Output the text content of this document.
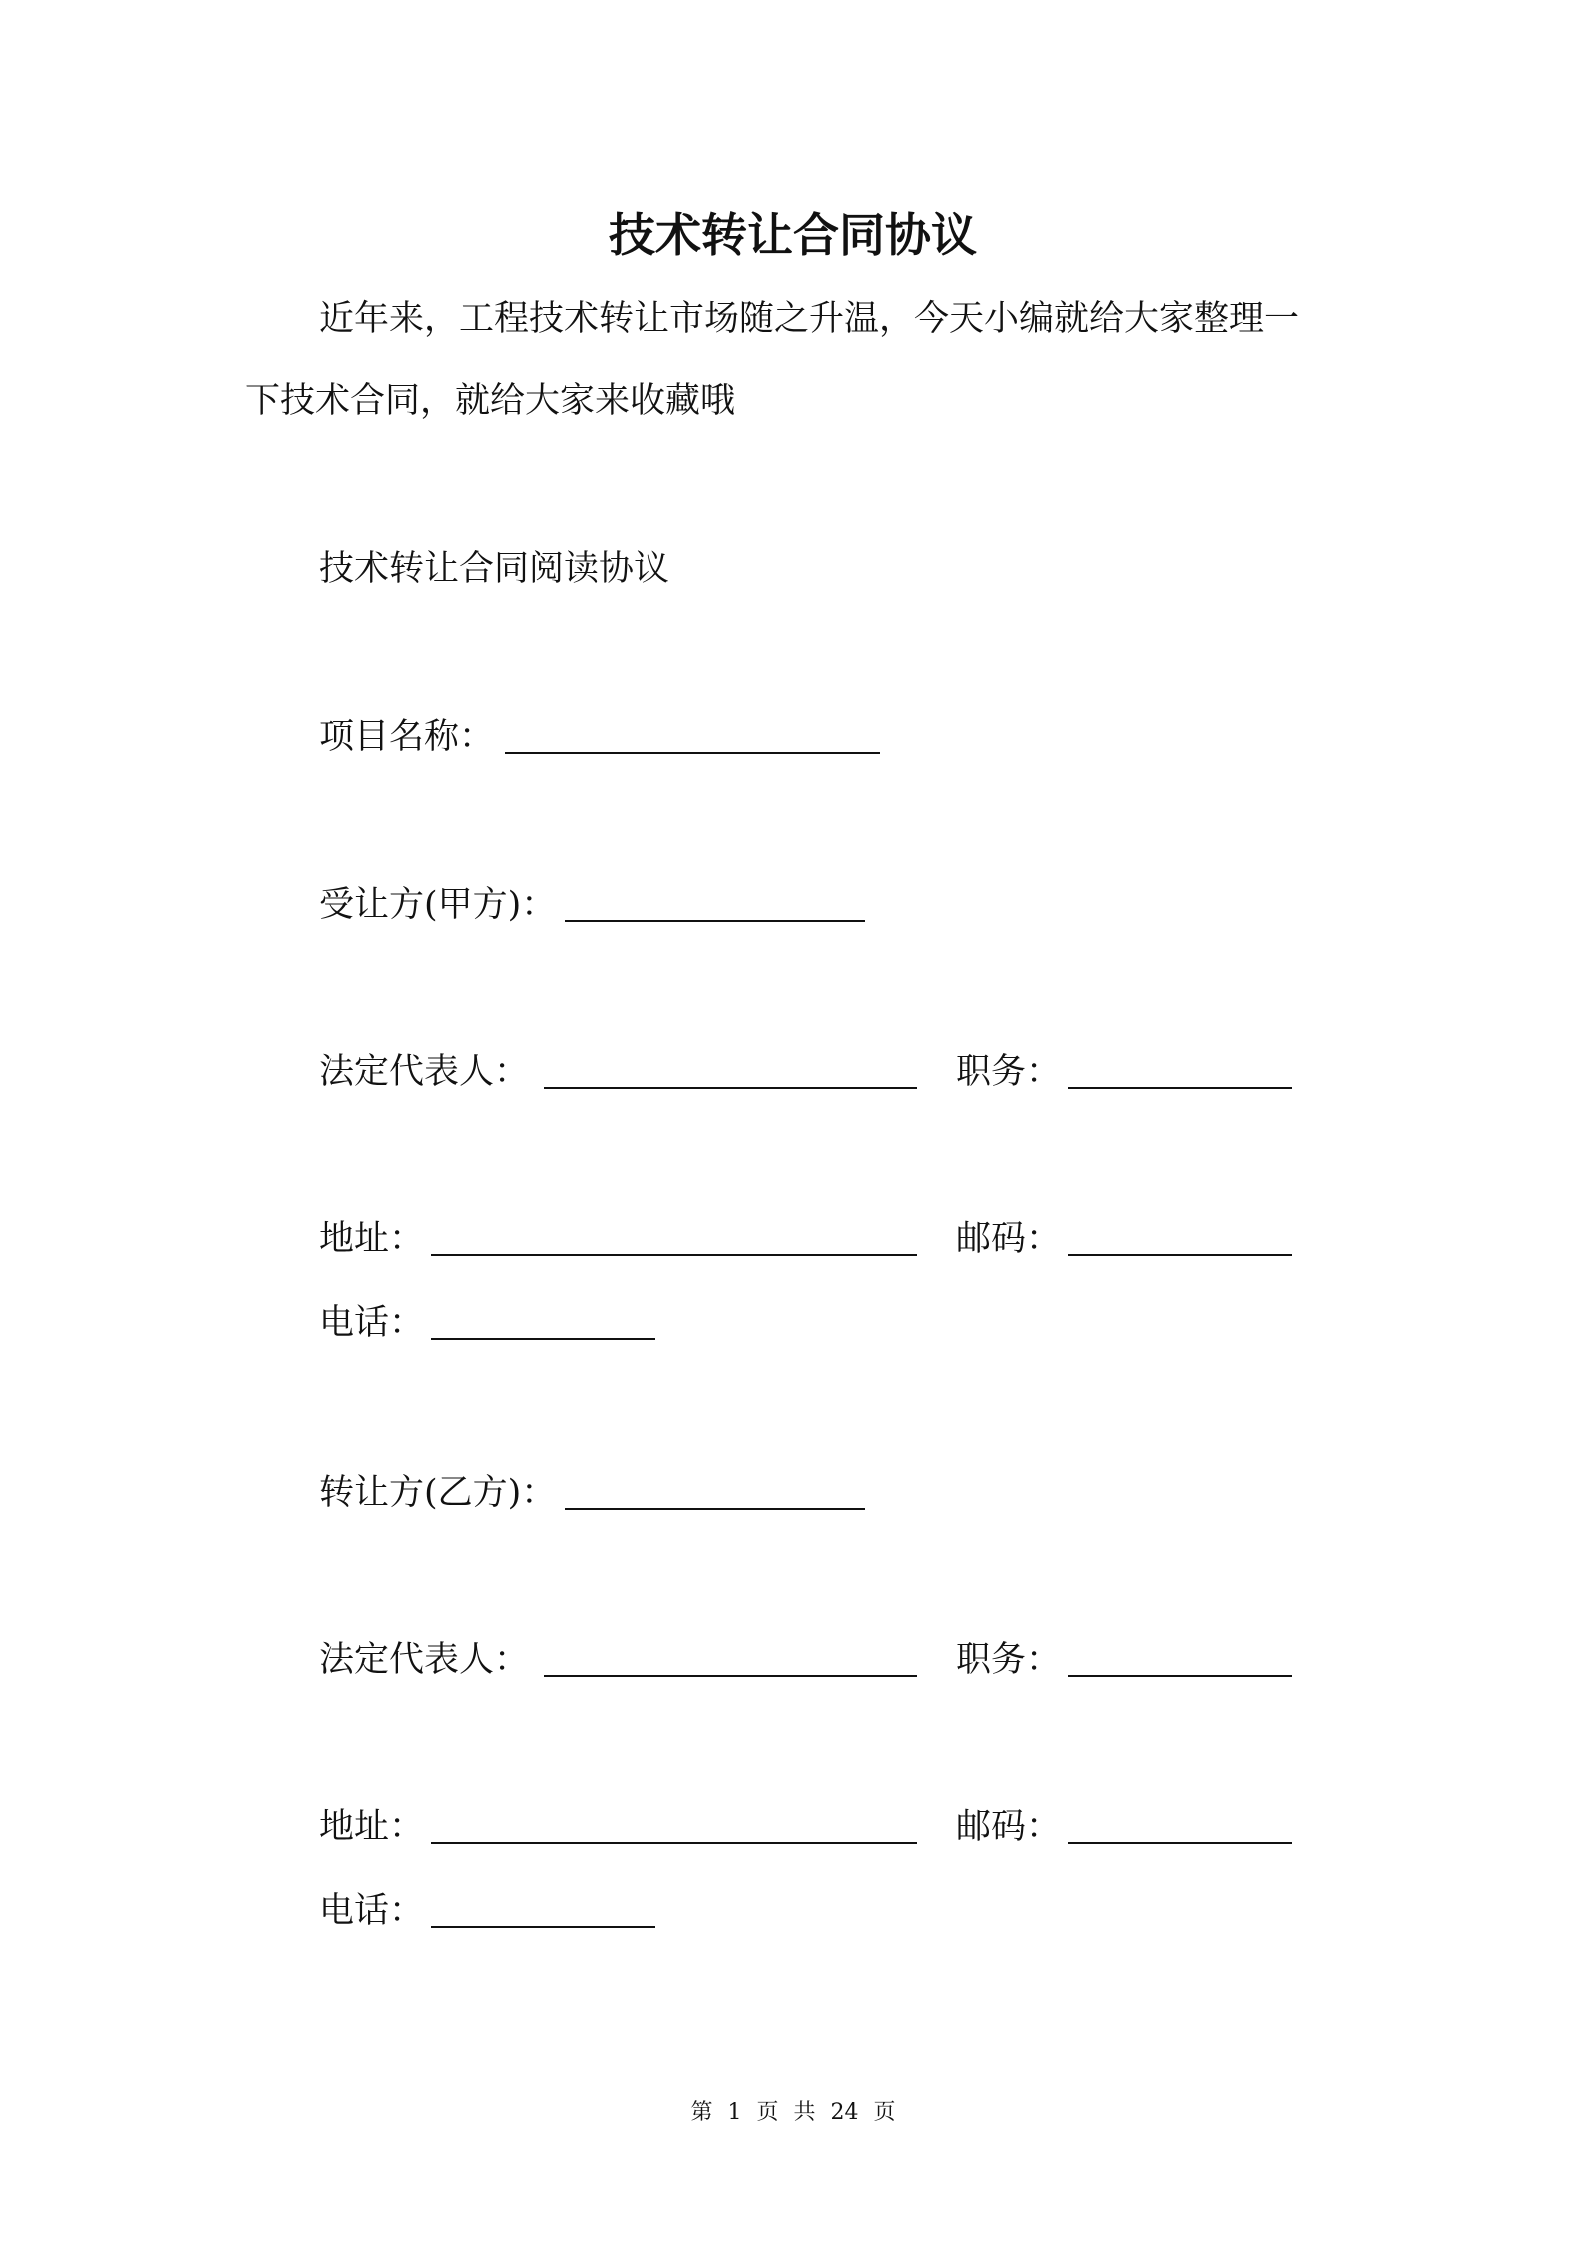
技术转让合同协议
近年来，工程技术转让市场随之升温，今天小编就给大家整理一
下技术合同，就给大家来收藏哦
技术转让合同阅读协议
项目名称：
受让方(甲方)：
法定代表人：	职务：
地址：	邮码：
电话：
转让方(乙方)：
法定代表人：	职务：
地址：	邮码：
电话：
第 1 页 共 24 页
